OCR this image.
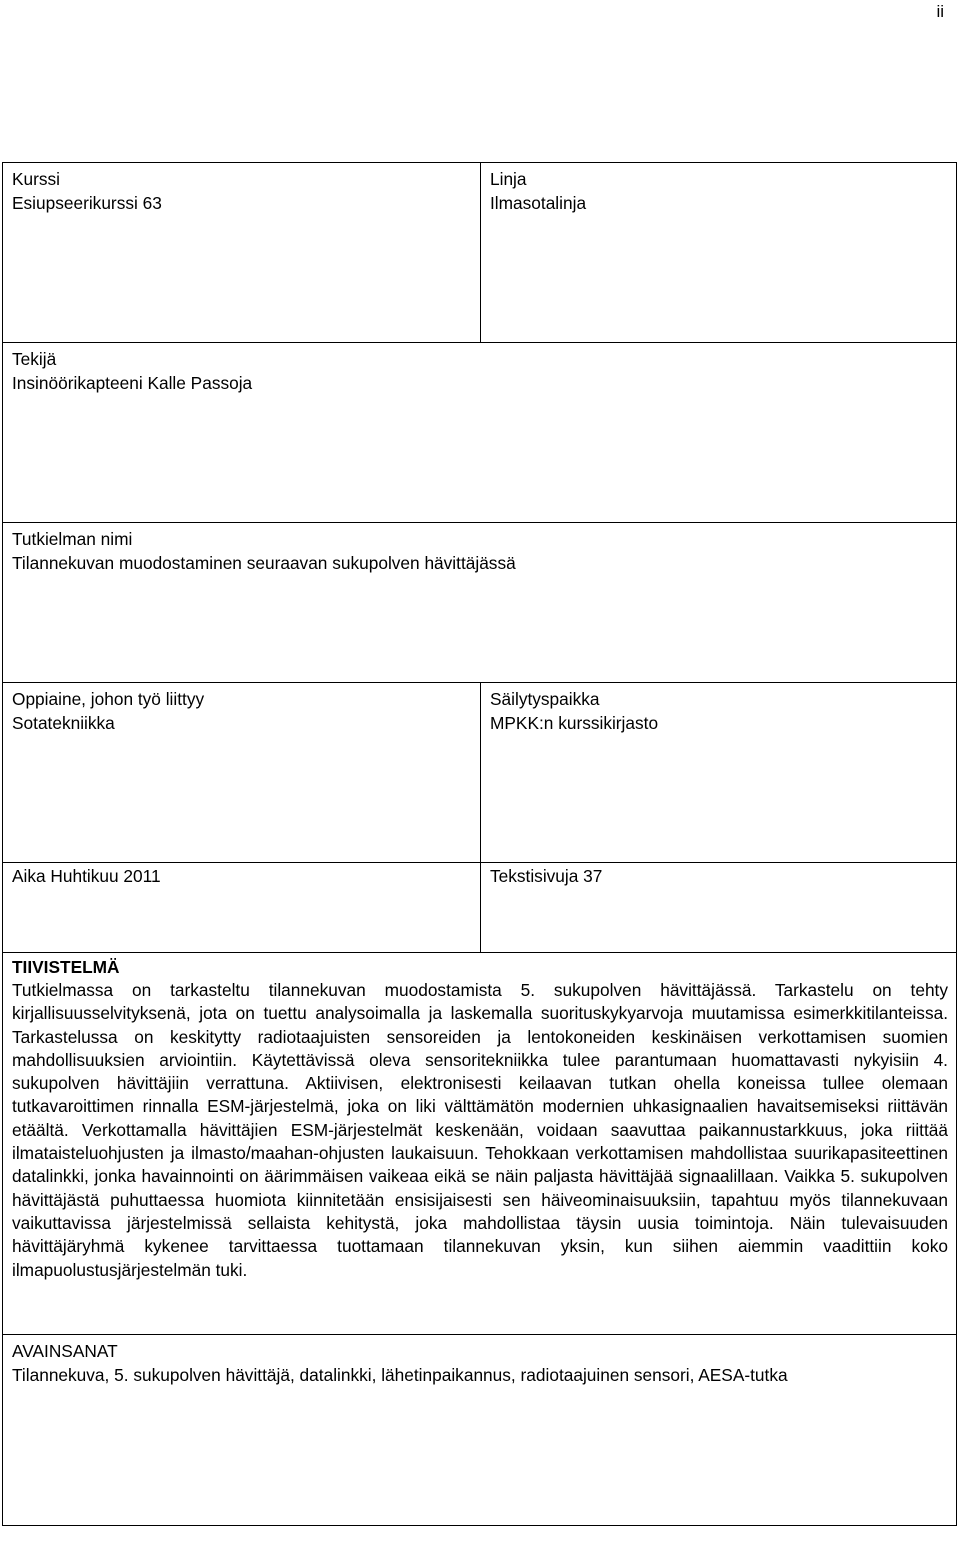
ii
Kurssi
Esiupseerikurssi 63
Linja
Ilmasotalinja
Tekijä
Insinöörikapteeni Kalle Passoja
Tutkielman nimi
Tilannekuvan muodostaminen seuraavan sukupolven hävittäjässä
Oppiaine, johon työ liittyy
Sotatekniikka
Säilytyspaikka
MPKK:n kurssikirjasto
Aika Huhtikuu 2011	Tekstisivuja 37
TIIVISTELMÄ
Tutkielmassa on tarkasteltu tilannekuvan muodostamista 5. sukupolven hävittäjässä. Tarkastelu on tehty kirjallisuusselvityksenä, jota on tuettu analysoimalla ja laskemalla suorituskykyarvoja muutamissa esimerkkitilanteissa. Tarkastelussa on keskitytty radiotaajuisten sensoreiden ja lentokoneiden keskinäisen verkottamisen suomien mahdollisuuksien arviointiin. Käytettävissä oleva sensoritekniikka tulee parantumaan huomattavasti nykyisiin 4. sukupolven hävittäjiin verrattuna. Aktiivisen, elektronisesti keilaavan tutkan ohella koneissa tullee olemaan tutkavaroittimen rinnalla ESM-järjestelmä, joka on liki välttämätön modernien uhkasignaalien havaitsemiseksi riittävän etäältä. Verkottamalla hävittäjien ESM-järjestelmät keskenään, voidaan saavuttaa paikannustarkkuus, joka riittää ilmataisteluohjusten ja ilmasto/maahan-ohjusten laukaisuun. Tehokkaan verkottamisen mahdollistaa suurikapasiteettinen datalinkki, jonka havainnointi on äärimmäisen vaikeaa eikä se näin paljasta hävittäjää signaalillaan. Vaikka 5. sukupolven hävittäjästä puhuttaessa huomiota kiinnitetään ensisijaisesti sen häiveominaisuuksiin, tapahtuu myös tilannekuvaan vaikuttavissa järjestelmissä sellaista kehitystä, joka mahdollistaa täysin uusia toimintoja. Näin tulevaisuuden hävittäjäryhmä kykenee tarvittaessa tuottamaan tilannekuvan yksin, kun siihen aiemmin vaadittiin koko ilmapuolustusjärjestelmän tuki.
AVAINSANAT
Tilannekuva, 5. sukupolven hävittäjä, datalinkki, lähetinpaikannus, radiotaajuinen sensori, AESA-tutka
